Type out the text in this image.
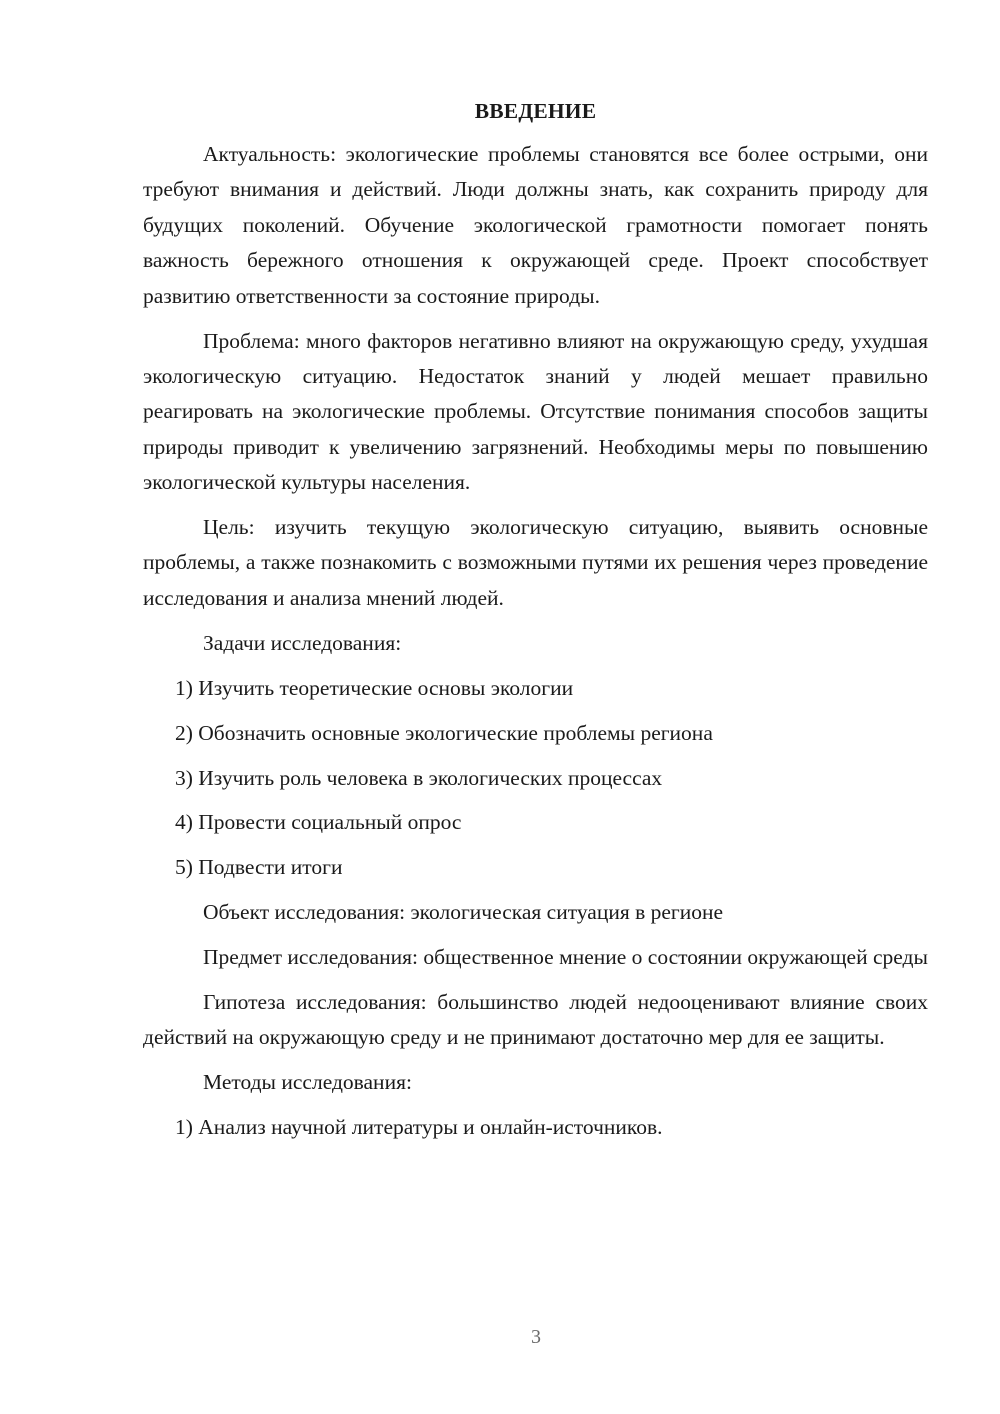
ВВЕДЕНИЕ

Актуальность: экологические проблемы становятся все более острыми, они требуют внимания и действий. Люди должны знать, как сохранить природу для будущих поколений. Обучение экологической грамотности помогает понять важность бережного отношения к окружающей среде. Проект способствует развитию ответственности за состояние природы.

Проблема: много факторов негативно влияют на окружающую среду, ухудшая экологическую ситуацию. Недостаток знаний у людей мешает правильно реагировать на экологические проблемы. Отсутствие понимания способов защиты природы приводит к увеличению загрязнений. Необходимы меры по повышению экологической культуры населения.

Цель: изучить текущую экологическую ситуацию, выявить основные проблемы, а также познакомить с возможными путями их решения через проведение исследования и анализа мнений людей.

Задачи исследования:

1) Изучить теоретические основы экологии

2) Обозначить основные экологические проблемы региона

3) Изучить роль человека в экологических процессах

4) Провести социальный опрос

5) Подвести итоги

Объект исследования: экологическая ситуация в регионе

Предмет исследования: общественное мнение о состоянии окружающей среды

Гипотеза исследования: большинство людей недооценивают влияние своих действий на окружающую среду и не принимают достаточно мер для ее защиты.

Методы исследования:

1) Анализ научной литературы и онлайн-источников.

3
